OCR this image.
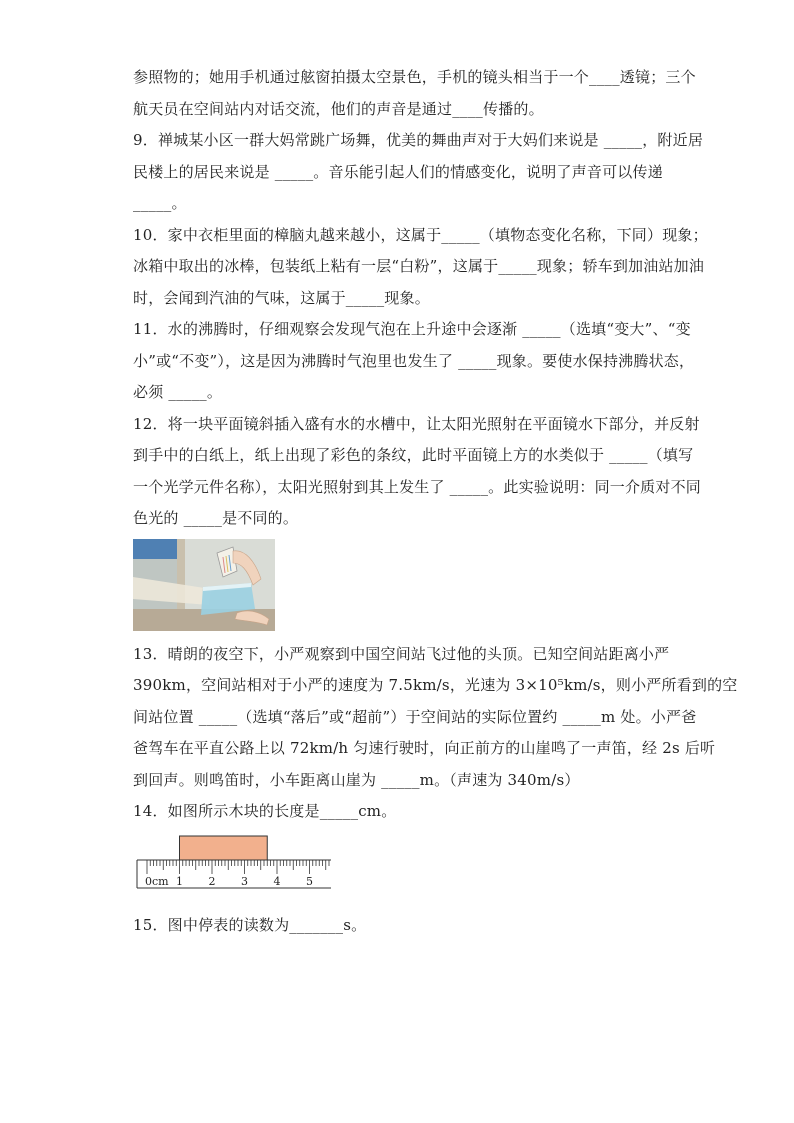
参照物的；她用手机通过舷窗拍摄太空景色，手机的镜头相当于一个____透镜；三个

航天员在空间站内对话交流，他们的声音是通过____传播的。

9．禅城某小区一群大妈常跳广场舞，优美的舞曲声对于大妈们来说是 _____，附近居

民楼上的居民来说是 _____。音乐能引起人们的情感变化，说明了声音可以传递

_____。

10．家中衣柜里面的樟脑丸越来越小，这属于_____（填物态变化名称，下同）现象；

冰箱中取出的冰棒，包装纸上粘有一层“白粉”，这属于_____现象；轿车到加油站加油

时，会闻到汽油的气味，这属于_____现象。

11．水的沸腾时，仔细观察会发现气泡在上升途中会逐渐 _____（选填“变大”、“变

小”或“不变”），这是因为沸腾时气泡里也发生了 _____现象。要使水保持沸腾状态，

必须 _____。

12．将一块平面镜斜插入盛有水的水槽中，让太阳光照射在平面镜水下部分，并反射

到手中的白纸上，纸上出现了彩色的条纹，此时平面镜上方的水类似于 _____（填写

一个光学元件名称），太阳光照射到其上发生了 _____。此实验说明：同一介质对不同

色光的 _____是不同的。

13．晴朗的夜空下，小严观察到中国空间站飞过他的头顶。已知空间站距离小严

390km，空间站相对于小严的速度为 7.5km/s，光速为 3×10⁵km/s，则小严所看到的空

间站位置 _____（选填“落后”或“超前”）于空间站的实际位置约 _____m 处。小严爸

爸驾车在平直公路上以 72km/h 匀速行驶时，向正前方的山崖鸣了一声笛，经 2s 后听

到回声。则鸣笛时，小车距离山崖为 _____m。（声速为 340m/s）

14．如图所示木块的长度是_____cm。

0cm 1 2 3 4 5

15．图中停表的读数为_______s。
